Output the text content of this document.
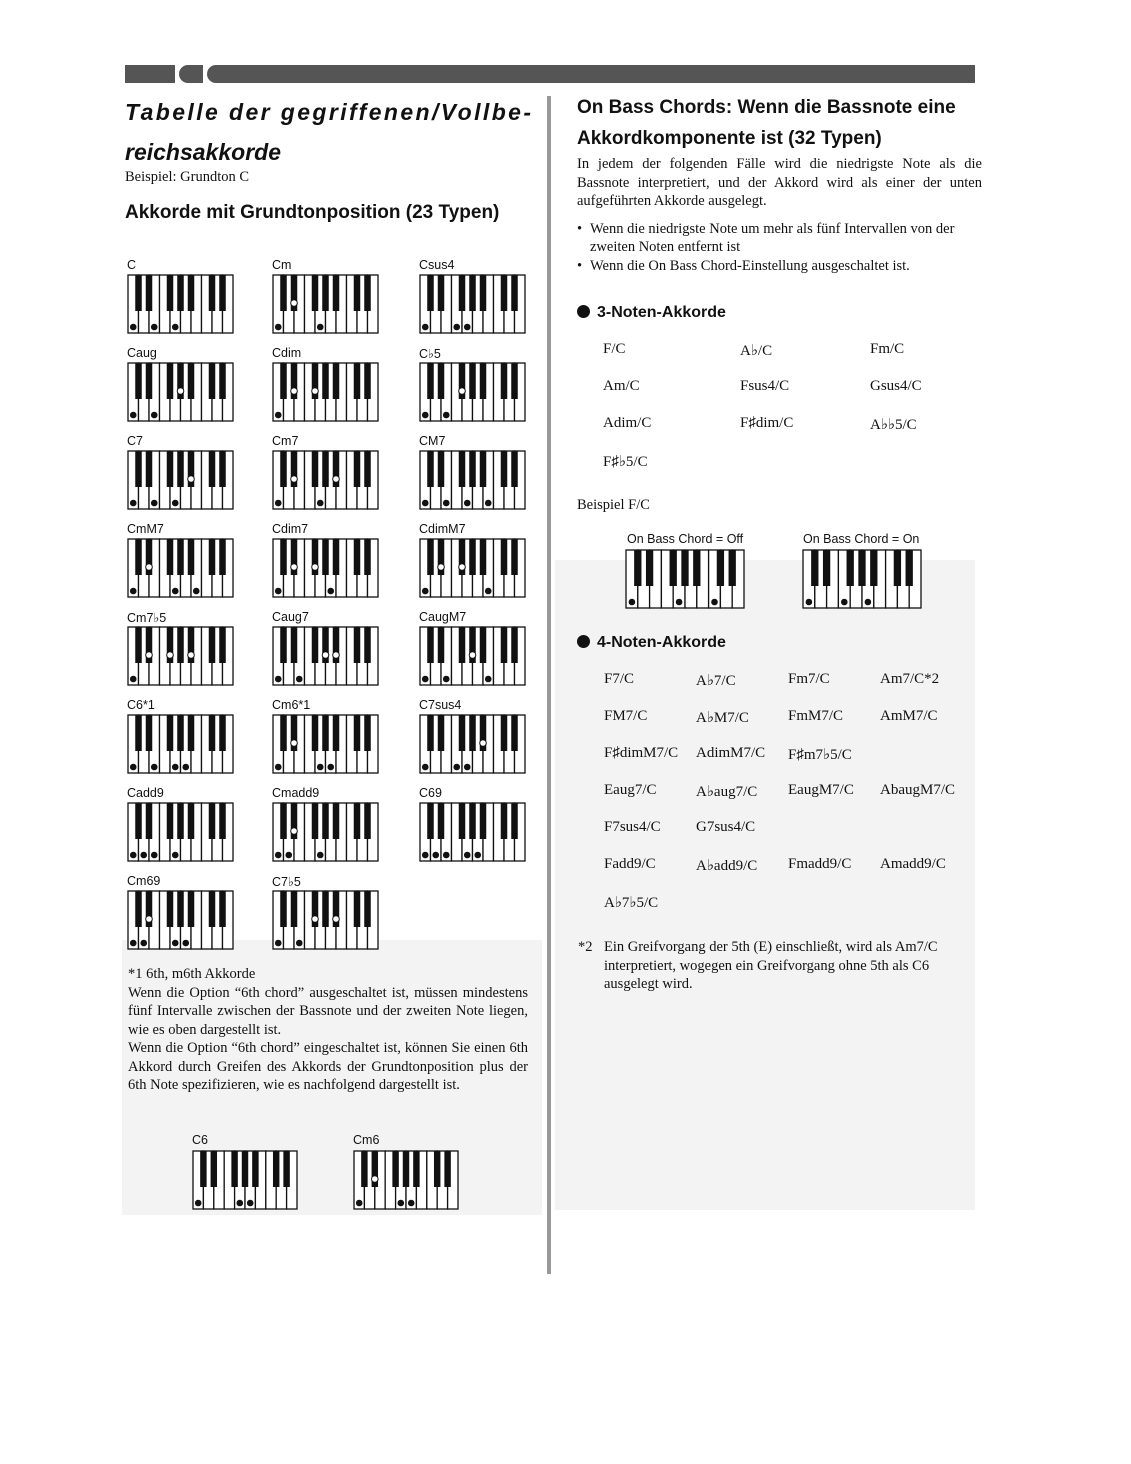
Tabelle der gegriffenen/Vollbe-
reichsakkorde
Beispiel: Grundton C
Akkorde mit Grundtonposition (23 Typen)
C	Cm	Csus4
Caug	Cdim	C♭5
C7	Cm7	CM7
CmM7	Cdim7	CdimM7
Cm7♭5	Caug7	CaugM7
C6*1	Cm6*1	C7sus4
Cadd9	Cmadd9	C69
Cm69	C7♭5
*1 6th, m6th Akkorde
Wenn die Option “6th chord” ausgeschaltet ist, müssen mindestens fünf Intervalle zwischen der Bassnote und der zweiten Note liegen, wie es oben dargestellt ist.
Wenn die Option “6th chord” eingeschaltet ist, können Sie einen 6th Akkord durch Greifen des Akkords der Grundtonposition plus der 6th Note spezifizieren, wie es nachfolgend dargestellt ist.
C6	Cm6
On Bass Chords: Wenn die Bassnote eine
Akkordkomponente ist (32 Typen)
In jedem der folgenden Fälle wird die niedrigste Note als die Bassnote interpretiert, und der Akkord wird als einer der unten aufgeführten Akkorde ausgelegt.
• Wenn die niedrigste Note um mehr als fünf Intervallen von der zweiten Noten entfernt ist
• Wenn die On Bass Chord-Einstellung ausgeschaltet ist.
3-Noten-Akkorde
F/C	A♭/C	Fm/C
Am/C	Fsus4/C	Gsus4/C
Adim/C	F♯dim/C	A♭♭5/C
F♯♭5/C
Beispiel F/C
On Bass Chord = Off	On Bass Chord = On
4-Noten-Akkorde
F7/C	A♭7/C	Fm7/C	Am7/C*2
FM7/C	A♭M7/C	FmM7/C AmM7/C
F♯dimM7/C AdimM7/C F♯m7♭5/C
Eaug7/C	A♭aug7/C EaugM7/C AbaugM7/C
F7sus4/C G7sus4/C
Fadd9/C	A♭add9/C Fmadd9/C Amadd9/C
A♭7♭5/C
*2 Ein Greifvorgang der 5th (E) einschließt, wird als Am7/C interpretiert, wogegen ein Greifvorgang ohne 5th als C6 ausgelegt wird.
